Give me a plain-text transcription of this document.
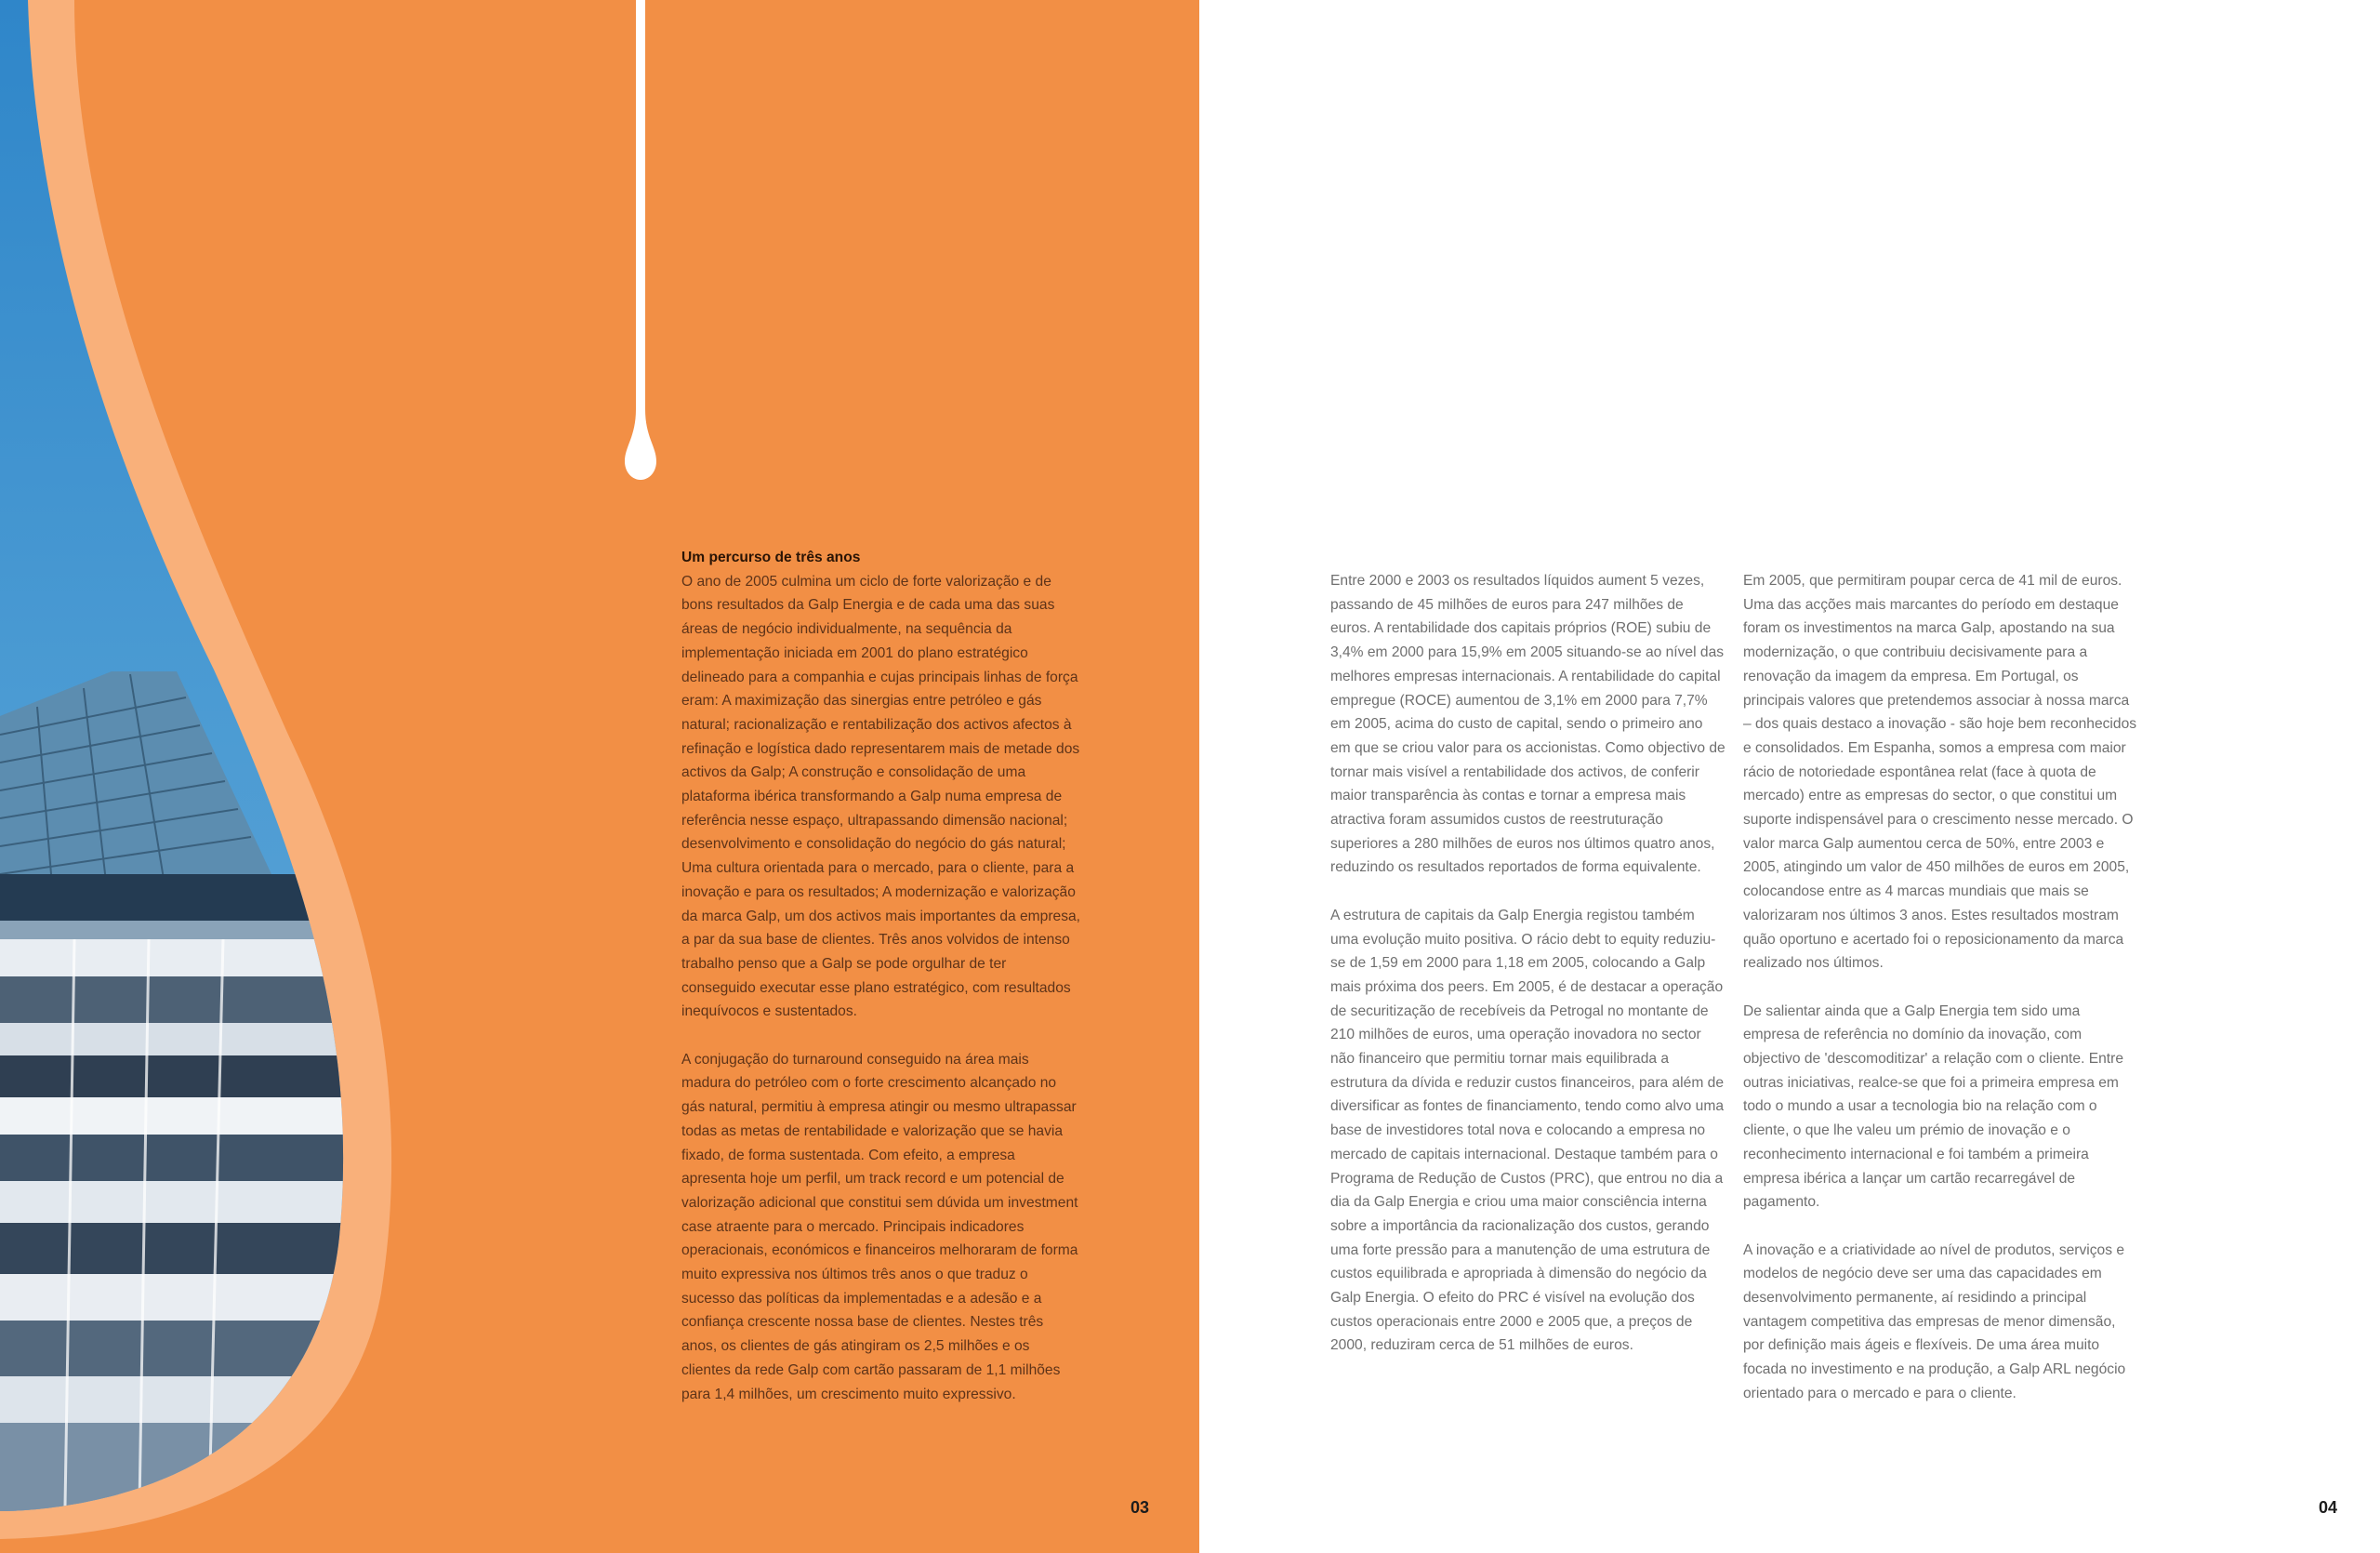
Um percurso de três anos

O ano de 2005 culmina um ciclo de forte valorização e de bons resultados da Galp Energia e de cada uma das suas áreas de negócio individualmente, na sequência da implementação iniciada em 2001 do plano estratégico delineado para a companhia e cujas principais linhas de força eram: A maximização das sinergias entre petróleo e gás natural; racionalização e rentabilização dos activos afectos à refinação e logística dado representarem mais de metade dos activos da Galp; A construção e consolidação de uma plataforma ibérica transformando a Galp numa empresa de referência nesse espaço, ultrapassando dimensão nacional; desenvolvimento e consolidação do negócio do gás natural; Uma cultura orientada para o mercado, para o cliente, para a inovação e para os resultados; A modernização e valorização da marca Galp, um dos activos mais importantes da empresa, a par da sua base de clientes. Três anos volvidos de intenso trabalho penso que a Galp se pode orgulhar de ter conseguido executar esse plano estratégico, com resultados inequívocos e sustentados.

A conjugação do turnaround conseguido na área mais madura do petróleo com o forte crescimento alcançado no gás natural, permitiu à empresa atingir ou mesmo ultrapassar todas as metas de rentabilidade e valorização que se havia fixado, de forma sustentada. Com efeito, a empresa apresenta hoje um perfil, um track record e um potencial de valorização adicional que constitui sem dúvida um investment case atraente para o mercado. Principais indicadores operacionais, económicos e financeiros melhoraram de forma muito expressiva nos últimos três anos o que traduz o sucesso das políticas da implementadas e a adesão e a confiança crescente nossa base de clientes. Nestes três anos, os clientes de gás atingiram os 2,5 milhões e os clientes da rede Galp com cartão passaram de 1,1 milhões para 1,4 milhões, um crescimento muito expressivo.

03

Entre 2000 e 2003 os resultados líquidos aument 5 vezes, passando de 45 milhões de euros para 247 milhões de euros. A rentabilidade dos capitais próprios (ROE) subiu de 3,4% em 2000 para 15,9% em 2005 situando-se ao nível das melhores empresas internacionais. A rentabilidade do capital empregue (ROCE) aumentou de 3,1% em 2000 para 7,7% em 2005, acima do custo de capital, sendo o primeiro ano em que se criou valor para os accionistas. Como objectivo de tornar mais visível a rentabilidade dos activos, de conferir maior transparência às contas e tornar a empresa mais atractiva foram assumidos custos de reestruturação superiores a 280 milhões de euros nos últimos quatro anos, reduzindo os resultados reportados de forma equivalente.

A estrutura de capitais da Galp Energia registou também uma evolução muito positiva. O rácio debt to equity reduziu-se de 1,59 em 2000 para 1,18 em 2005, colocando a Galp mais próxima dos peers. Em 2005, é de destacar a operação de securitização de recebíveis da Petrogal no montante de 210 milhões de euros, uma operação inovadora no sector não financeiro que permitiu tornar mais equilibrada a estrutura da dívida e reduzir custos financeiros, para além de diversificar as fontes de financiamento, tendo como alvo uma base de investidores total nova e colocando a empresa no mercado de capitais internacional. Destaque também para o Programa de Redução de Custos (PRC), que entrou no dia a dia da Galp Energia e criou uma maior consciência interna sobre a importância da racionalização dos custos, gerando uma forte pressão para a manutenção de uma estrutura de custos equilibrada e apropriada à dimensão do negócio da Galp Energia. O efeito do PRC é visível na evolução dos custos operacionais entre 2000 e 2005 que, a preços de 2000, reduziram cerca de 51 milhões de euros.

Em 2005, que permitiram poupar cerca de 41 mil de euros. Uma das acções mais marcantes do período em destaque foram os investimentos na marca Galp, apostando na sua modernização, o que contribuiu decisivamente para a renovação da imagem da empresa. Em Portugal, os principais valores que pretendemos associar à nossa marca – dos quais destaco a inovação - são hoje bem reconhecidos e consolidados. Em Espanha, somos a empresa com maior rácio de notoriedade espontânea relat (face à quota de mercado) entre as empresas do sector, o que constitui um suporte indispensável para o crescimento nesse mercado. O valor marca Galp aumentou cerca de 50%, entre 2003 e 2005, atingindo um valor de 450 milhões de euros em 2005, colocandose entre as 4 marcas mundiais que mais se valorizaram nos últimos 3 anos. Estes resultados mostram quão oportuno e acertado foi o reposicionamento da marca realizado nos últimos.

De salientar ainda que a Galp Energia tem sido uma empresa de referência no domínio da inovação, com objectivo de 'descomoditizar' a relação com o cliente. Entre outras iniciativas, realce-se que foi a primeira empresa em todo o mundo a usar a tecnologia bio na relação com o cliente, o que lhe valeu um prémio de inovação e o reconhecimento internacional e foi também a primeira empresa ibérica a lançar um cartão recarregável de pagamento.

A inovação e a criatividade ao nível de produtos, serviços e modelos de negócio deve ser uma das capacidades em desenvolvimento permanente, aí residindo a principal vantagem competitiva das empresas de menor dimensão, por definição mais ágeis e flexíveis. De uma área muito focada no investimento e na produção, a Galp ARL negócio orientado para o mercado e para o cliente.

04
